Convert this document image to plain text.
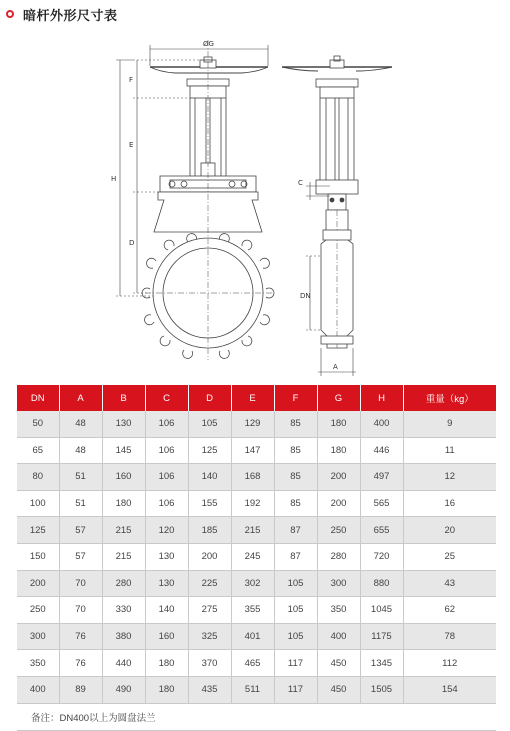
暗杆外形尺寸表
ØG
F
E
H
D
C
DN
A
DN	A	B	C	D	E	F	G	H	重量（kg）
50	48	130	106	105	129	85	180	400	9
65	48	145	106	125	147	85	180	446	11
80	51	160	106	140	168	85	200	497	12
100	51	180	106	155	192	85	200	565	16
125	57	215	120	185	215	87	250	655	20
150	57	215	130	200	245	87	280	720	25
200	70	280	130	225	302	105	300	880	43
250	70	330	140	275	355	105	350	1045	62
300	76	380	160	325	401	105	400	1175	78
350	76	440	180	370	465	117	450	1345	112
400	89	490	180	435	511	117	450	1505	154
备注：DN400以上为圆盘法兰									
